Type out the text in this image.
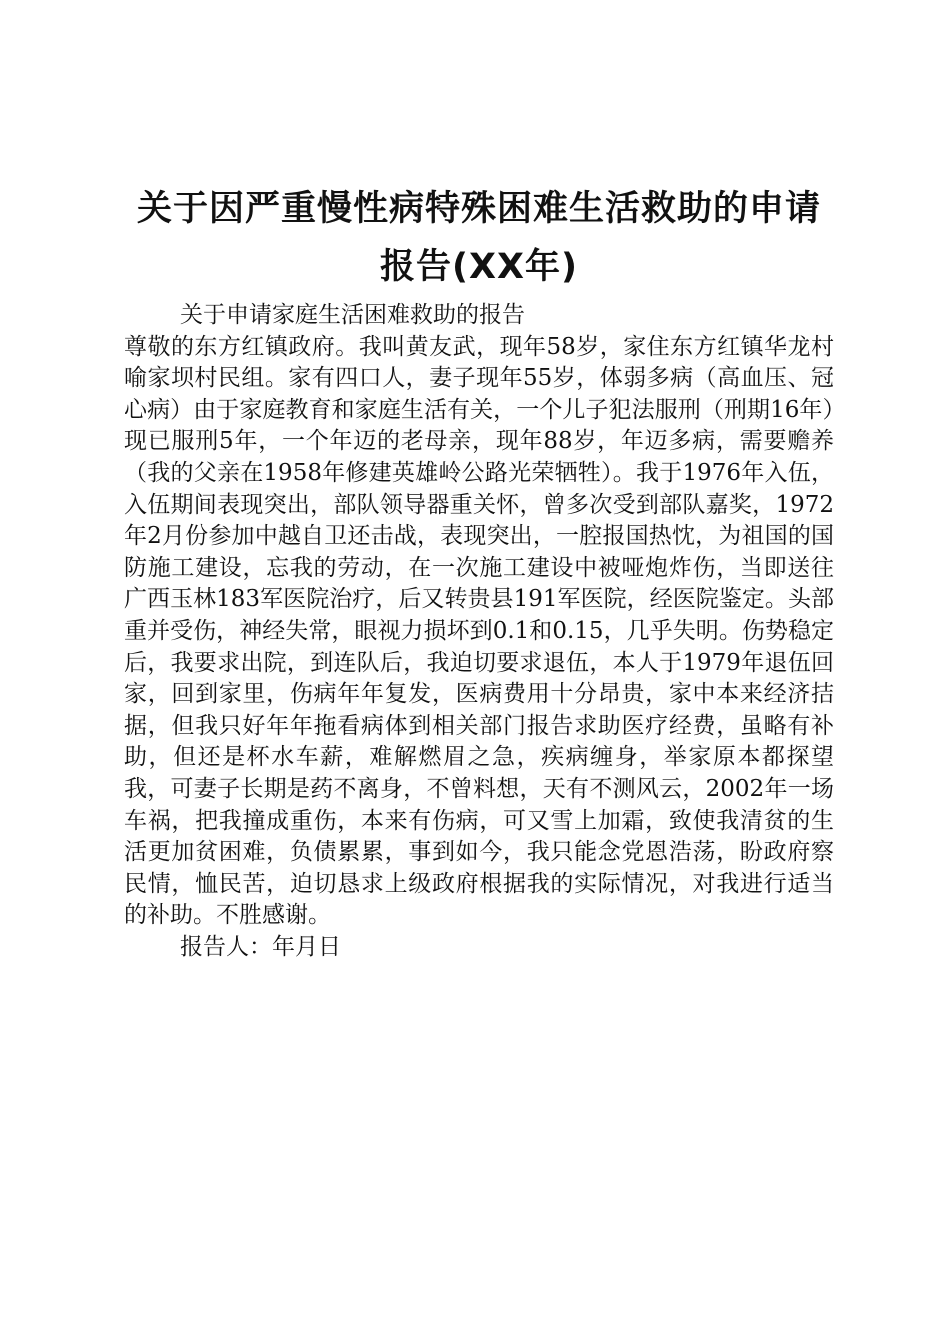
关于因严重慢性病特殊困难生活救助的申请报告(XX年)

关于申请家庭生活困难救助的报告

尊敬的东方红镇政府。我叫黄友武，现年58岁，家住东方红镇华龙村喻家坝村民组。家有四口人，妻子现年55岁，体弱多病（高血压、冠心病）由于家庭教育和家庭生活有关，一个儿子犯法服刑（刑期16年）现已服刑5年，一个年迈的老母亲，现年88岁，年迈多病，需要赡养（我的父亲在1958年修建英雄岭公路光荣牺牲）。我于1976年入伍，入伍期间表现突出，部队领导器重关怀，曾多次受到部队嘉奖，1972年2月份参加中越自卫还击战，表现突出，一腔报国热忱，为祖国的国防施工建设，忘我的劳动，在一次施工建设中被哑炮炸伤，当即送往广西玉林183军医院治疗，后又转贵县191军医院，经医院鉴定。头部重并受伤，神经失常，眼视力损坏到0.1和0.15，几乎失明。伤势稳定后，我要求出院，到连队后，我迫切要求退伍，本人于1979年退伍回家，回到家里，伤病年年复发，医病费用十分昂贵，家中本来经济拮据，但我只好年年拖看病体到相关部门报告求助医疗经费，虽略有补助，但还是杯水车薪，难解燃眉之急，疾病缠身，举家原本都探望我，可妻子长期是药不离身，不曾料想，天有不测风云，2002年一场车祸，把我撞成重伤，本来有伤病，可又雪上加霜，致使我清贫的生活更加贫困难，负债累累，事到如今，我只能念党恩浩荡，盼政府察民情，恤民苦，迫切恳求上级政府根据我的实际情况，对我进行适当的补助。不胜感谢。

报告人：年月日
